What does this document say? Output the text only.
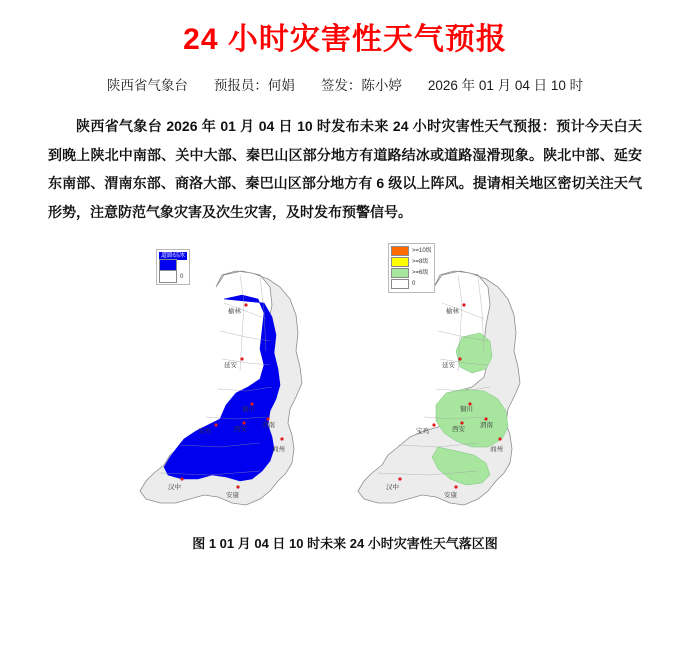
24 小时灾害性天气预报
陕西省气象台 预报员：何娟 签发：陈小婷 2026 年 01 月 04 日 10 时

陕西省气象台 2026 年 01 月 04 日 10 时发布未来 24 小时灾害性天气预报：预计今天白天到晚上陕北中南部、关中大部、秦巴山区部分地方有道路结冰或道路湿滑现象。陕北中部、延安东南部、渭南东部、商洛大部、秦巴山区部分地方有 6 级以上阵风。提请相关地区密切关注天气形势，注意防范气象灾害及次生灾害，及时发布预警信号。

榆林
延安
铜川
宝鸡	西安
渭南
商州
汉中
安康
榆林
延安
铜川
宝鸡	西安
渭南
商州
汉中
安康
道路结冰
0
>=10级
>=8级
>=6级
0
图 1 01 月 04 日 10 时未来 24 小时灾害性天气落区图
